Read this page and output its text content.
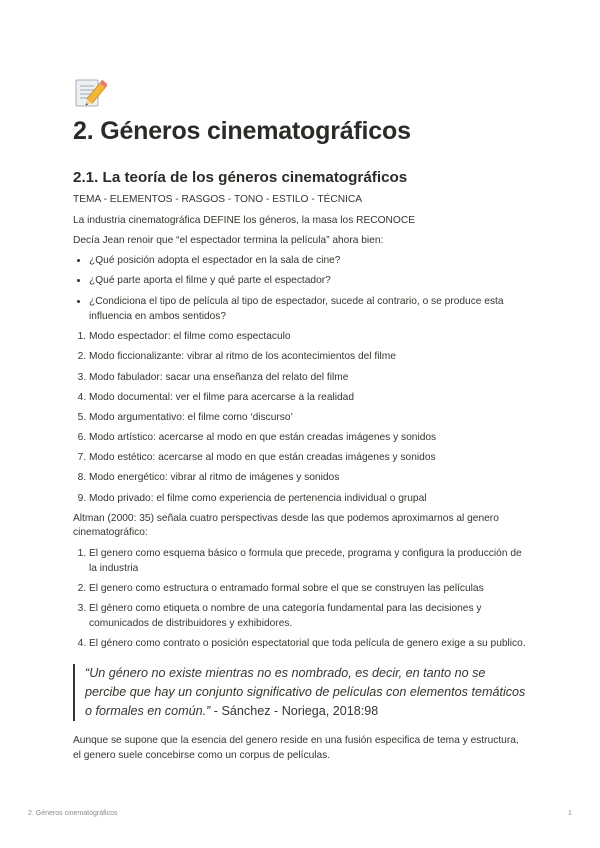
2. Géneros cinematográficos
2.1. La teoría de los géneros cinematográficos

TEMA - ELEMENTOS - RASGOS - TONO - ESTILO - TÉCNICA

La industria cinematográfica DEFINE los géneros, la masa los RECONOCE

Decía Jean renoir que “el espectador termina la película” ahora bien:

• ¿Qué posición adopta el espectador en la sala de cine?
• ¿Qué parte aporta el filme y qué parte el espectador?
• ¿Condiciona el tipo de película al tipo de espectador, sucede al contrario, o se produce esta influencia en ambos sentidos?
1. Modo espectador: el filme como espectaculo
2. Modo ficcionalizante: vibrar al ritmo de los acontecimientos del filme
3. Modo fabulador: sacar una enseñanza del relato del filme
4. Modo documental: ver el filme para acercarse a la realidad
5. Modo argumentativo: el filme como ‘discurso’
6. Modo artístico: acercarse al modo en que están creadas imágenes y sonidos
7. Modo estético: acercarse al modo en que están creadas imágenes y sonidos
8. Modo energético: vibrar al ritmo de imágenes y sonidos
9. Modo privado: el filme como experiencia de pertenencia individual o grupal

Altman (2000: 35) señala cuatro perspectivas desde las que podemos aproximarnos al genero cinematográfico:

1. El genero como esquema básico o formula que precede, programa y configura la producción de la industria
2. El genero como estructura o entramado formal sobre el que se construyen las películas
3. El género como etiqueta o nombre de una categoría fundamental para las decisiones y comunicados de distribuidores y exhibidores.
4. El género como contrato o posición espectatorial que toda película de genero exige a su publico.
“Un género no existe mientras no es nombrado, es decir, en tanto no se percibe que hay un conjunto significativo de películas con elementos temáticos o formales en común.” - Sánchez - Noriega, 2018:98

Aunque se supone que la esencia del genero reside en una fusión especifica de tema y estructura, el genero suele concebirse como un corpus de películas.

2. Géneros cinematográficos	1
